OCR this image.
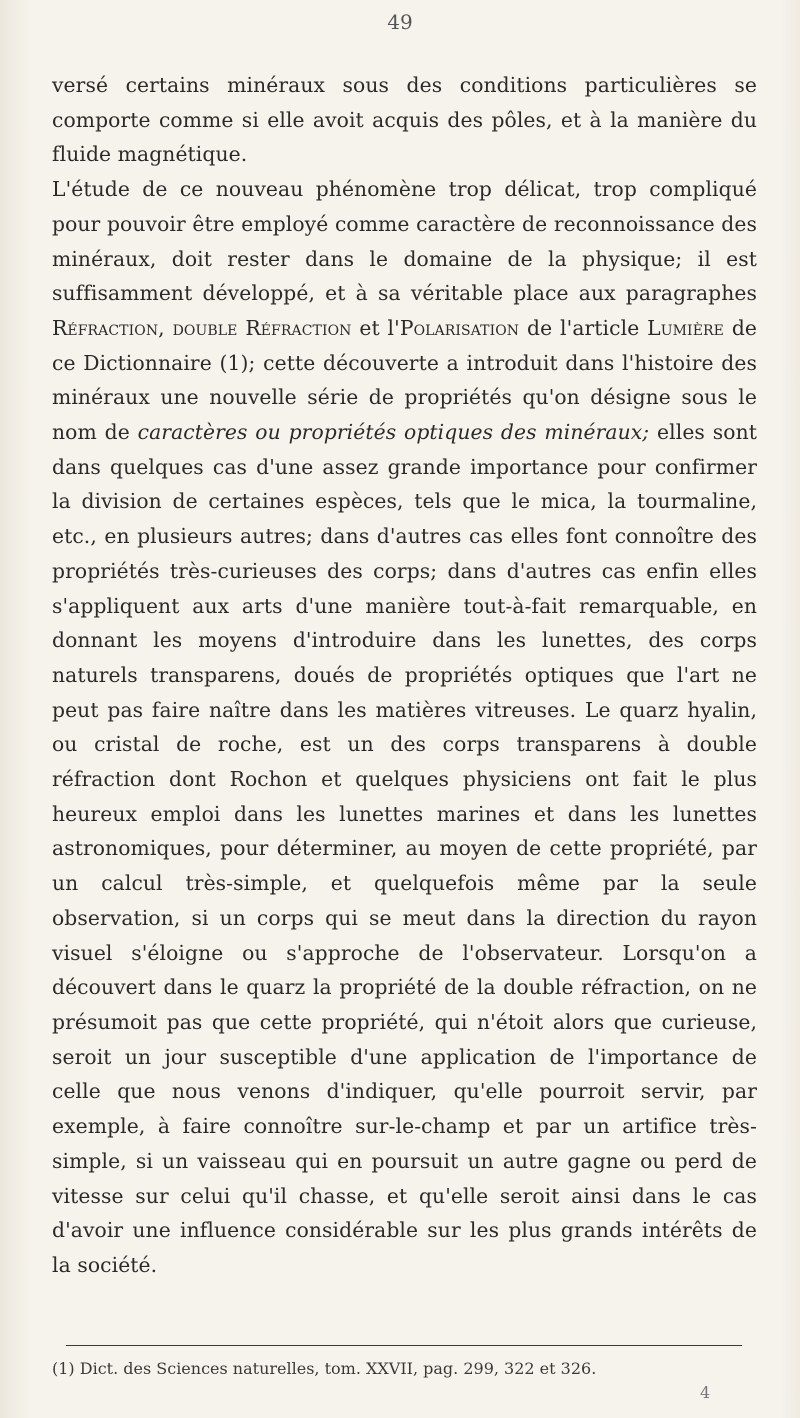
49

versé certains minéraux sous des conditions particulières se comporte comme si elle avoit acquis des pôles, et à la manière du fluide magnétique.

L'étude de ce nouveau phénomène trop délicat, trop compliqué pour pouvoir être employé comme caractère de reconnoissance des minéraux, doit rester dans le domaine de la physique; il est suffisamment développé, et à sa véritable place aux paragraphes Réfraction, double Réfraction et l'Polarisation de l'article Lumière de ce Dictionnaire (1); cette découverte a introduit dans l'histoire des minéraux une nouvelle série de propriétés qu'on désigne sous le nom de caractères ou propriétés optiques des minéraux; elles sont dans quelques cas d'une assez grande importance pour confirmer la division de certaines espèces, tels que le mica, la tourmaline, etc., en plusieurs autres; dans d'autres cas elles font connoître des propriétés très-curieuses des corps; dans d'autres cas enfin elles s'appliquent aux arts d'une manière tout-à-fait remarquable, en donnant les moyens d'introduire dans les lunettes, des corps naturels transparens, doués de propriétés optiques que l'art ne peut pas faire naître dans les matières vitreuses. Le quarz hyalin, ou cristal de roche, est un des corps transparens à double réfraction dont Rochon et quelques physiciens ont fait le plus heureux emploi dans les lunettes marines et dans les lunettes astronomiques, pour déterminer, au moyen de cette propriété, par un calcul très-simple, et quelquefois même par la seule observation, si un corps qui se meut dans la direction du rayon visuel s'éloigne ou s'approche de l'observateur. Lorsqu'on a découvert dans le quarz la propriété de la double réfraction, on ne présumoit pas que cette propriété, qui n'étoit alors que curieuse, seroit un jour susceptible d'une application de l'importance de celle que nous venons d'indiquer, qu'elle pourroit servir, par exemple, à faire connoître sur-le-champ et par un artifice très-simple, si un vaisseau qui en poursuit un autre gagne ou perd de vitesse sur celui qu'il chasse, et qu'elle seroit ainsi dans le cas d'avoir une influence considérable sur les plus grands intérêts de la société.

(1) Dict. des Sciences naturelles, tom. XXVII, pag. 299, 322 et 326.
4
